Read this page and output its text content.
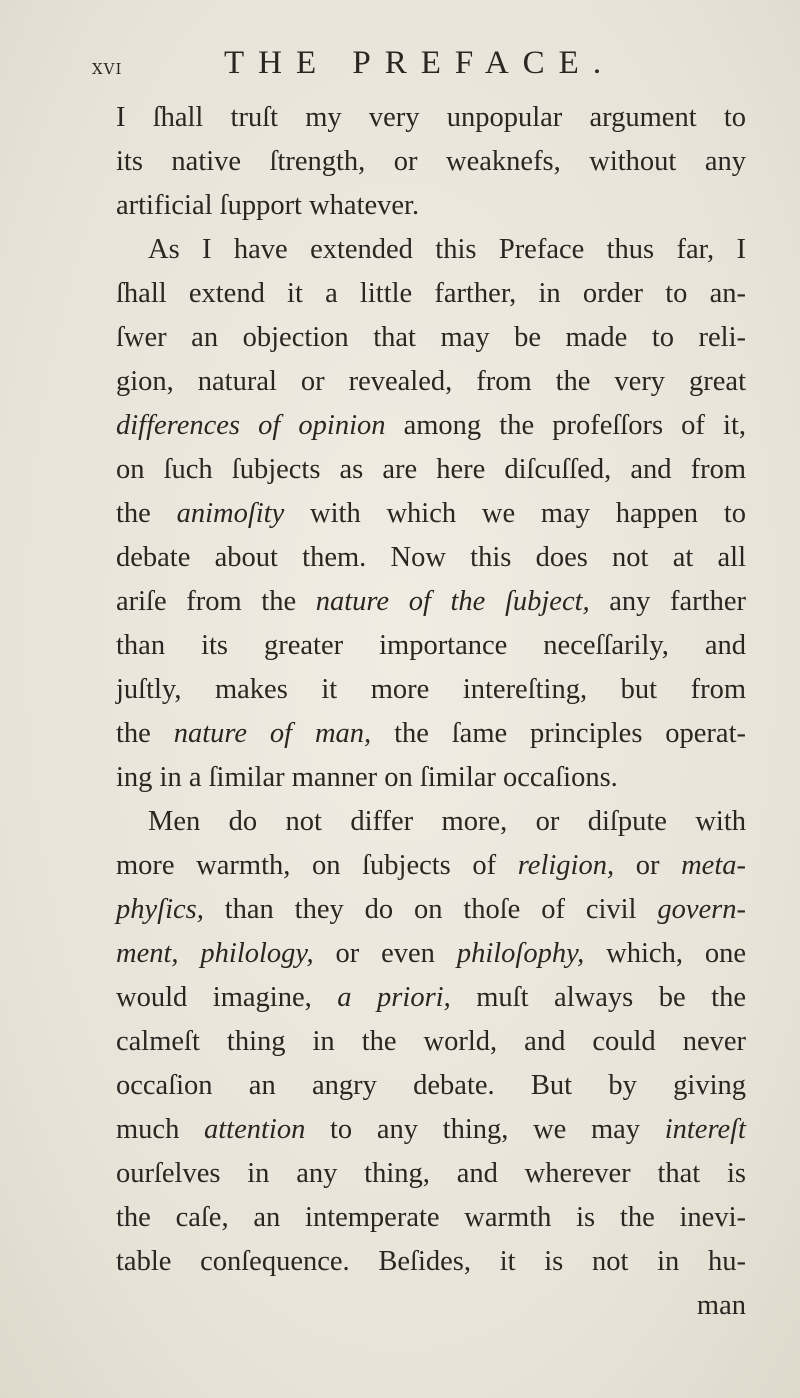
xvi	THE PREFACE.
I ſhall truſt my very unpopular argument to
its native ſtrength, or weaknefs, without any
artificial ſupport whatever.
As I have extended this Preface thus far, I
ſhall extend it a little farther, in order to an-
ſwer an objection that may be made to reli-
gion, natural or revealed, from the very great
differences of opinion among the profeſſors of it,
on ſuch ſubjects as are here diſcuſſed, and from
the animoſity with which we may happen to
debate about them. Now this does not at all
ariſe from the nature of the ſubject, any farther
than its greater importance neceſſarily, and
juſtly, makes it more intereſting, but from
the nature of man, the ſame principles operat-
ing in a ſimilar manner on ſimilar occaſions.
Men do not differ more, or diſpute with
more warmth, on ſubjects of religion, or meta-
phyſics, than they do on thoſe of civil govern-
ment, philology, or even philoſophy, which, one
would imagine, a priori, muſt always be the
calmeſt thing in the world, and could never
occaſion an angry debate. But by giving
much attention to any thing, we may intereſt
ourſelves in any thing, and wherever that is
the caſe, an intemperate warmth is the inevi-
table conſequence. Beſides, it is not in hu-
man
